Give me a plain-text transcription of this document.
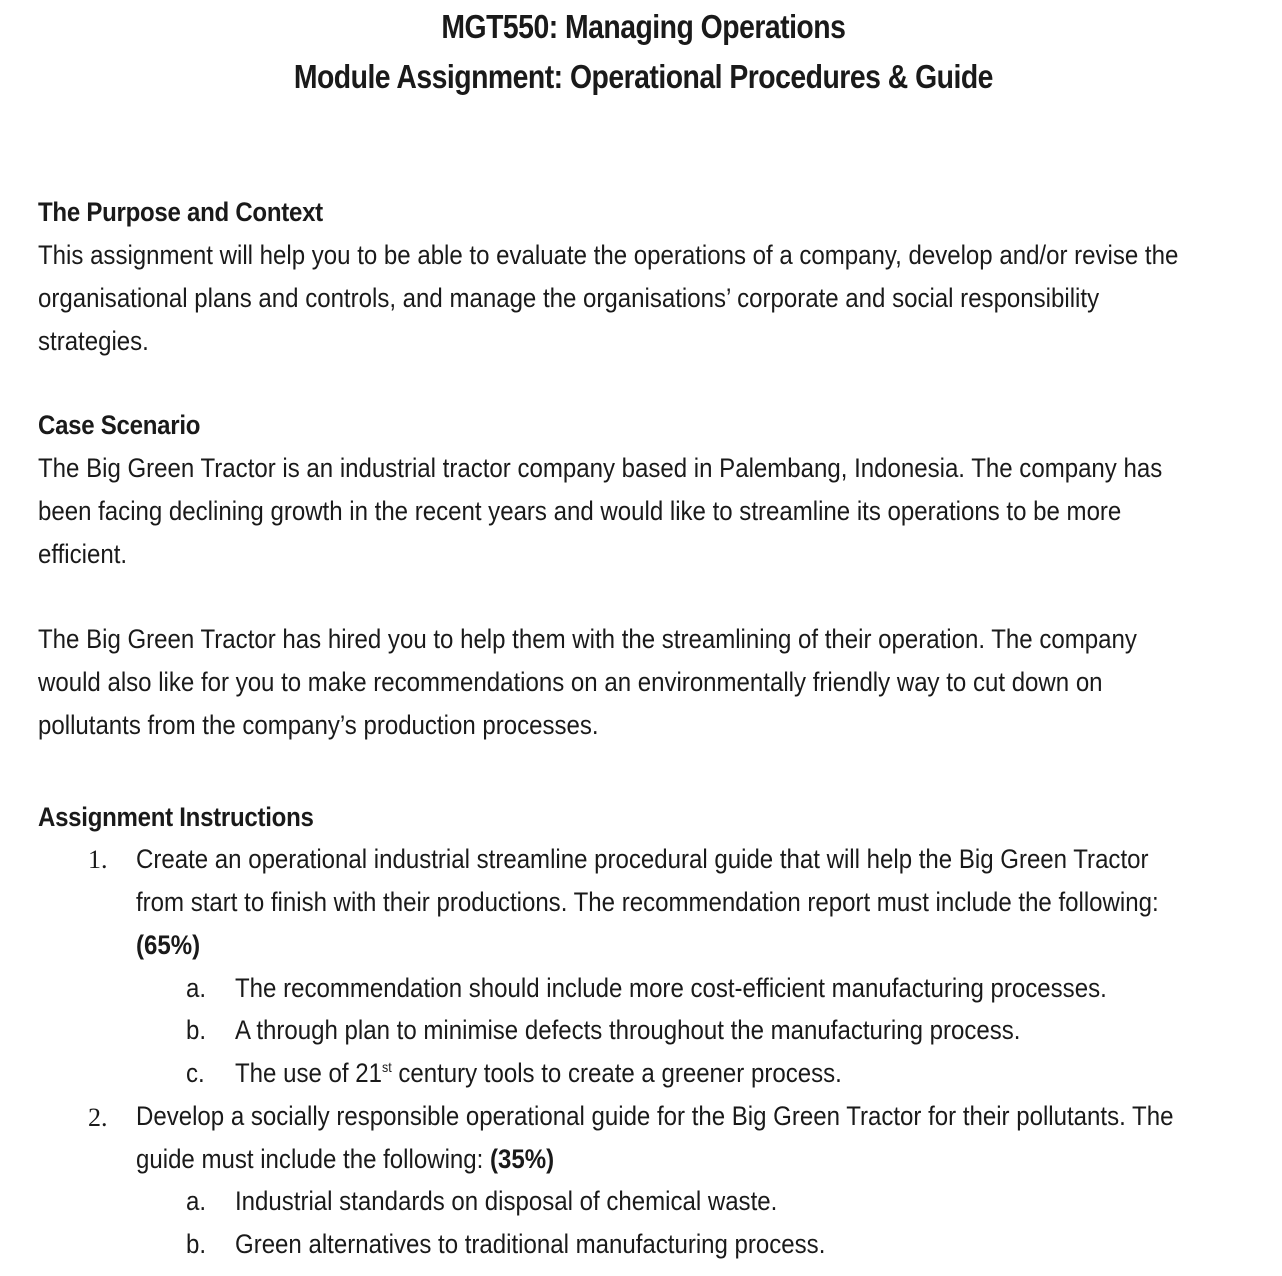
MGT550: Managing Operations
Module Assignment: Operational Procedures & Guide
The Purpose and Context
This assignment will help you to be able to evaluate the operations of a company, develop and/or revise the
organisational plans and controls, and manage the organisations’ corporate and social responsibility
strategies.
Case Scenario
The Big Green Tractor is an industrial tractor company based in Palembang, Indonesia. The company has
been facing declining growth in the recent years and would like to streamline its operations to be more
efficient.
The Big Green Tractor has hired you to help them with the streamlining of their operation. The company
would also like for you to make recommendations on an environmentally friendly way to cut down on
pollutants from the company’s production processes.
Assignment Instructions
1. Create an operational industrial streamline procedural guide that will help the Big Green Tractor
from start to finish with their productions. The recommendation report must include the following:
(65%)
a. The recommendation should include more cost-efficient manufacturing processes.
b. A through plan to minimise defects throughout the manufacturing process.
c. The use of 21st century tools to create a greener process.
2. Develop a socially responsible operational guide for the Big Green Tractor for their pollutants. The
guide must include the following: (35%)
a. Industrial standards on disposal of chemical waste.
b. Green alternatives to traditional manufacturing process.
